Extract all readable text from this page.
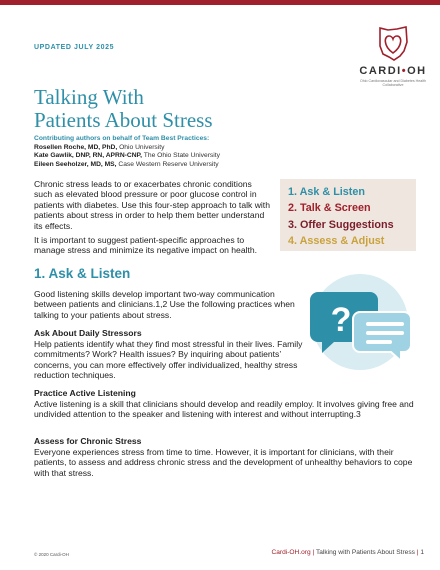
UPDATED JULY 2025
CARDI•OH
Ohio Cardiovascular and Diabetes Health Collaborative
Talking With
Patients About Stress
Contributing authors on behalf of Team Best Practices:
Rosellen Roche, MD, PhD, Ohio University
Kate Gawlik, DNP, RN, APRN-CNP, The Ohio State University
Eileen Seeholzer, MD, MS, Case Western Reserve University

Chronic stress leads to or exacerbates chronic conditions such as elevated blood pressure or poor glucose control in patients with diabetes. Use this four-step approach to talk with patients about stress in order to help them better understand its effects.

It is important to suggest patient-specific approaches to manage stress and minimize its negative impact on health.

1. Ask & Listen
2. Talk & Screen
3. Offer Suggestions
4. Assess & Adjust
1. Ask & Listen

Good listening skills develop important two-way communication between patients and clinicians.1,2 Use the following practices when talking to your patients about stress.

Ask About Daily Stressors

Help patients identify what they find most stressful in their lives. Family commitments? Work? Health issues? By inquiring about patients’ concerns, you can more effectively offer individualized, healthy stress reduction techniques.

Practice Active Listening

Active listening is a skill that clinicians should develop and readily employ. It involves giving free and undivided attention to the speaker and listening with interest and without interrupting.3

Assess for Chronic Stress

Everyone experiences stress from time to time. However, it is important for clinicians, with their patients, to assess and address chronic stress and the development of unhealthy behaviors to cope with that stress.

?
© 2020 Cardi-OH	Cardi-OH.org | Talking with Patients About Stress | 1
